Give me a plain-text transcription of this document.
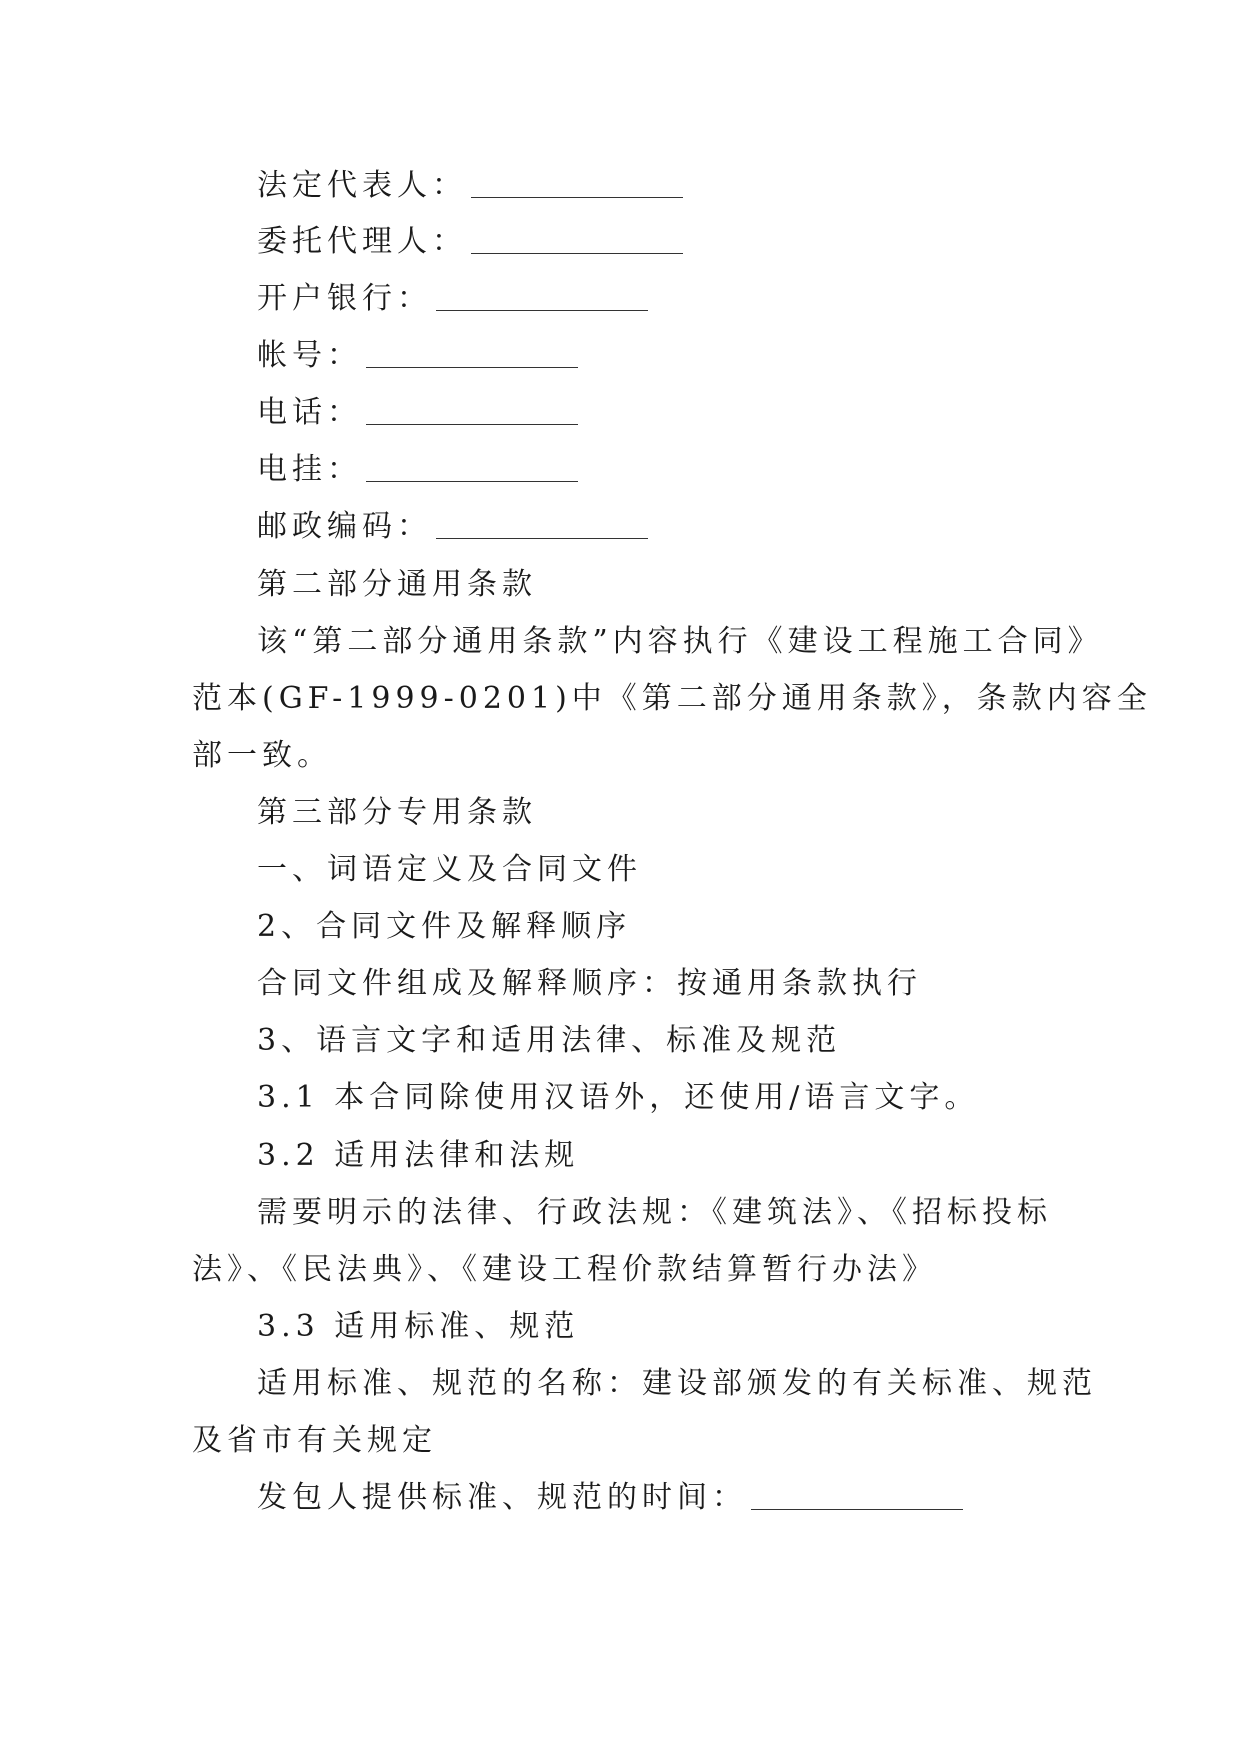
法定代表人：
委托代理人：
开户银行：
帐号：
电话：
电挂：
邮政编码：
第二部分通用条款
该“第二部分通用条款”内容执行《建设工程施工合同》
范本(GF-1999-0201)中《第二部分通用条款》，条款内容全
部一致。
第三部分专用条款
一、词语定义及合同文件
2、合同文件及解释顺序
合同文件组成及解释顺序：按通用条款执行
3、语言文字和适用法律、标准及规范
3.1 本合同除使用汉语外，还使用/语言文字。
3.2 适用法律和法规
需要明示的法律、行政法规：《建筑法》、《招标投标
法》、《民法典》、《建设工程价款结算暂行办法》
3.3 适用标准、规范
适用标准、规范的名称：建设部颁发的有关标准、规范
及省市有关规定
发包人提供标准、规范的时间：
